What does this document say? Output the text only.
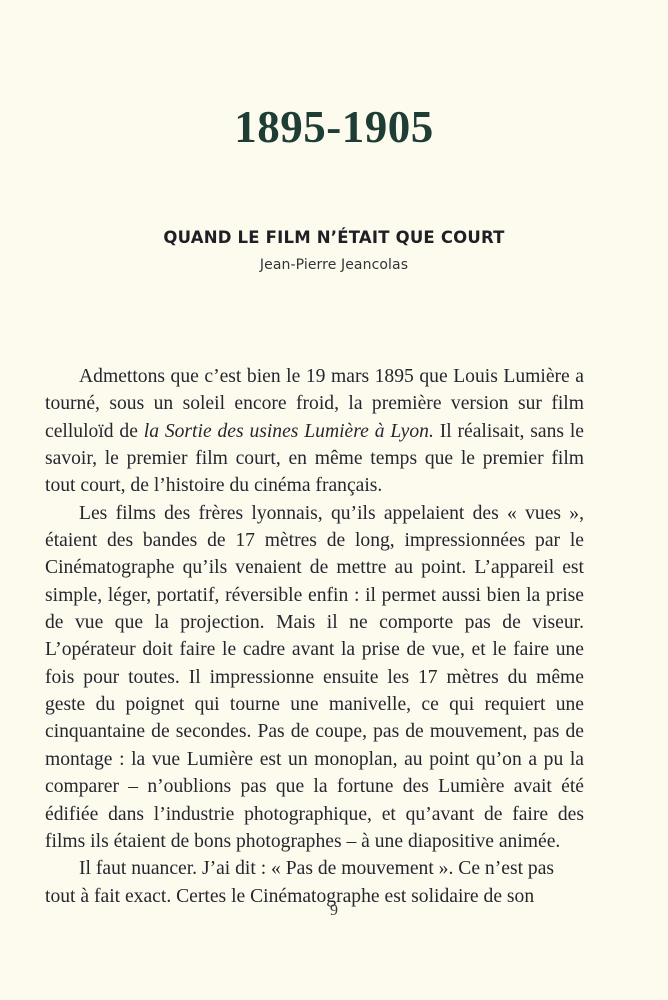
1895-1905
QUAND LE FILM N’ÉTAIT QUE COURT
Jean-Pierre Jeancolas

Admettons que c’est bien le 19 mars 1895 que Louis Lumière a tourné, sous un soleil encore froid, la première version sur film celluloïd de la Sortie des usines Lumière à Lyon. Il réalisait, sans le savoir, le premier film court, en même temps que le premier film tout court, de l’histoire du cinéma français.

Les films des frères lyonnais, qu’ils appelaient des « vues », étaient des bandes de 17 mètres de long, impressionnées par le Cinématographe qu’ils venaient de mettre au point. L’appareil est simple, léger, portatif, réversible enfin : il permet aussi bien la prise de vue que la projection. Mais il ne comporte pas de viseur. L’opérateur doit faire le cadre avant la prise de vue, et le faire une fois pour toutes. Il impressionne ensuite les 17 mètres du même geste du poignet qui tourne une manivelle, ce qui requiert une cinquantaine de secondes. Pas de coupe, pas de mouvement, pas de montage : la vue Lumière est un monoplan, au point qu’on a pu la comparer – n’oublions pas que la fortune des Lumière avait été édifiée dans l’industrie photographique, et qu’avant de faire des films ils étaient de bons photographes – à une diapositive animée.

Il faut nuancer. J’ai dit : « Pas de mouvement ». Ce n’est pas tout à fait exact. Certes le Cinématographe est solidaire de son

9
